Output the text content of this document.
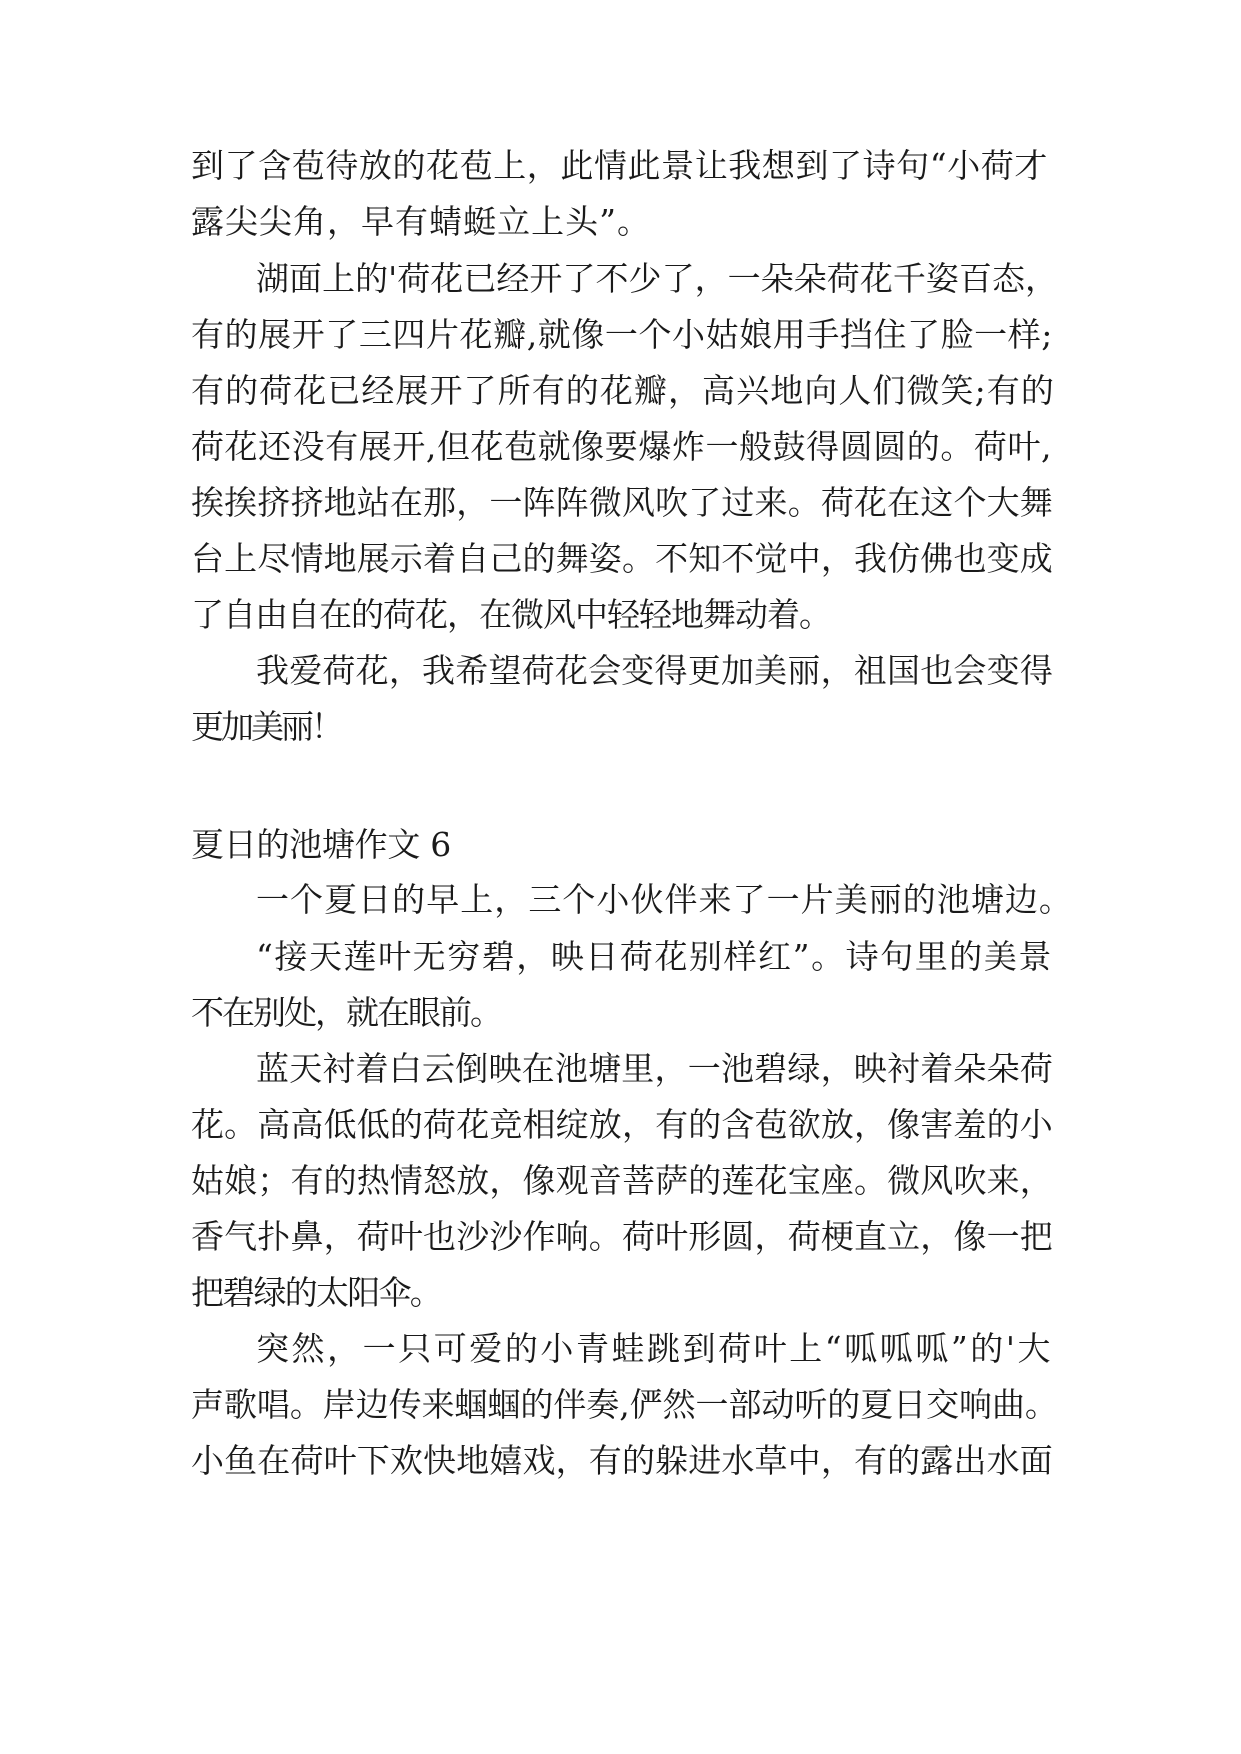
到了含苞待放的花苞上，此情此景让我想到了诗句“小荷才
露尖尖角，早有蜻蜓立上头”。
湖面上的'荷花已经开了不少了，一朵朵荷花千姿百态，
有的展开了三四片花瓣,就像一个小姑娘用手挡住了脸一样;
有的荷花已经展开了所有的花瓣，高兴地向人们微笑;有的
荷花还没有展开,但花苞就像要爆炸一般鼓得圆圆的。荷叶,
挨挨挤挤地站在那，一阵阵微风吹了过来。荷花在这个大舞
台上尽情地展示着自己的舞姿。不知不觉中，我仿佛也变成
了自由自在的荷花，在微风中轻轻地舞动着。
我爱荷花，我希望荷花会变得更加美丽，祖国也会变得
更加美丽！
夏日的池塘作文 6
一个夏日的早上，三个小伙伴来了一片美丽的池塘边。
“接天莲叶无穷碧，映日荷花别样红”。诗句里的美景
不在别处，就在眼前。
蓝天衬着白云倒映在池塘里，一池碧绿，映衬着朵朵荷
花。高高低低的荷花竞相绽放，有的含苞欲放，像害羞的小
姑娘；有的热情怒放，像观音菩萨的莲花宝座。微风吹来，
香气扑鼻，荷叶也沙沙作响。荷叶形圆，荷梗直立，像一把
把碧绿的太阳伞。
突然，一只可爱的小青蛙跳到荷叶上“呱呱呱”的'大
声歌唱。岸边传来蝈蝈的伴奏,俨然一部动听的夏日交响曲。
小鱼在荷叶下欢快地嬉戏，有的躲进水草中，有的露出水面
